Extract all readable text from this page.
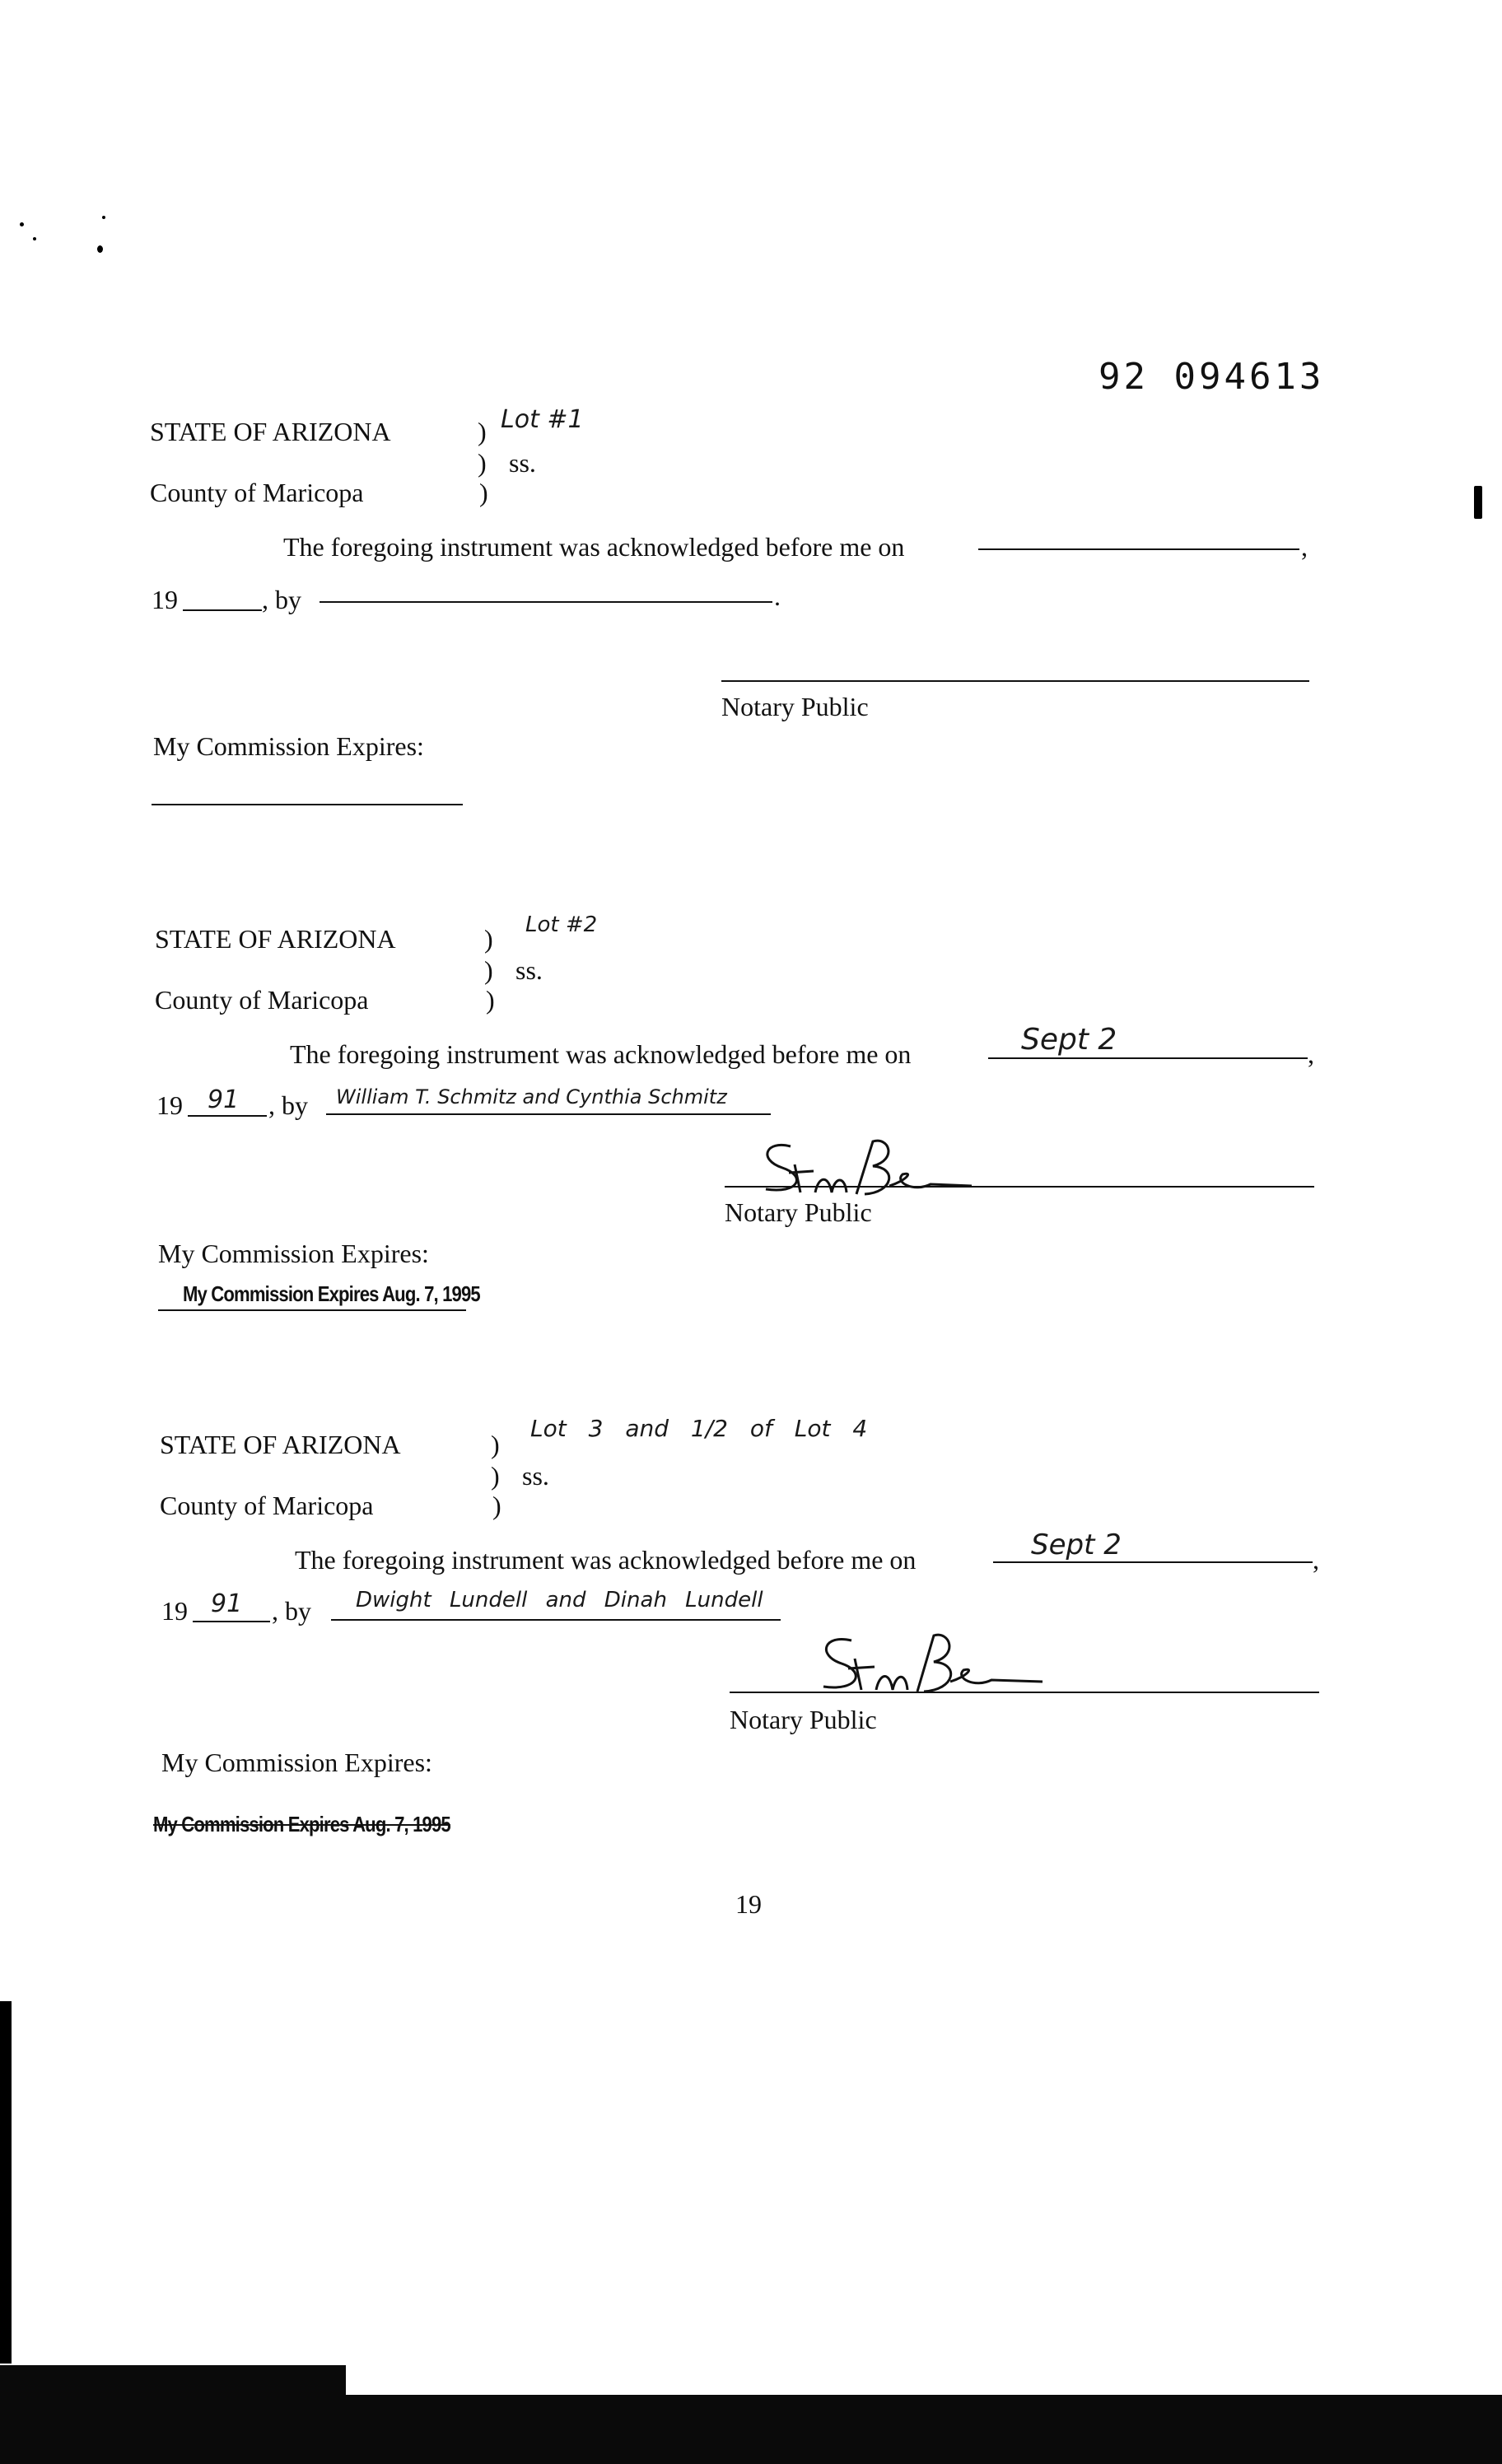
92 094613
STATE OF ARIZONA	) Lot #1
) ss.
County of Maricopa	)
The foregoing instrument was acknowledged before me on	,
19	, by	.
Notary Public
My Commission Expires:
STATE OF ARIZONA	) Lot #2
) ss.
County of Maricopa	)
The foregoing instrument was acknowledged before me on	Sept 2	,
19 91 , by William T. Schmitz and Cynthia Schmitz
Notary Public
My Commission Expires:
My Commission Expires Aug. 7, 1995
STATE OF ARIZONA	)
Lot 3 and 1/2 of Lot 4
) ss.
County of Maricopa	)
The foregoing instrument was acknowledged before me on	Sept 2	,
19 91 , by Dwight Lundell and Dinah Lundell
Notary Public
My Commission Expires:
My Commission Expires Aug. 7, 1995
19
